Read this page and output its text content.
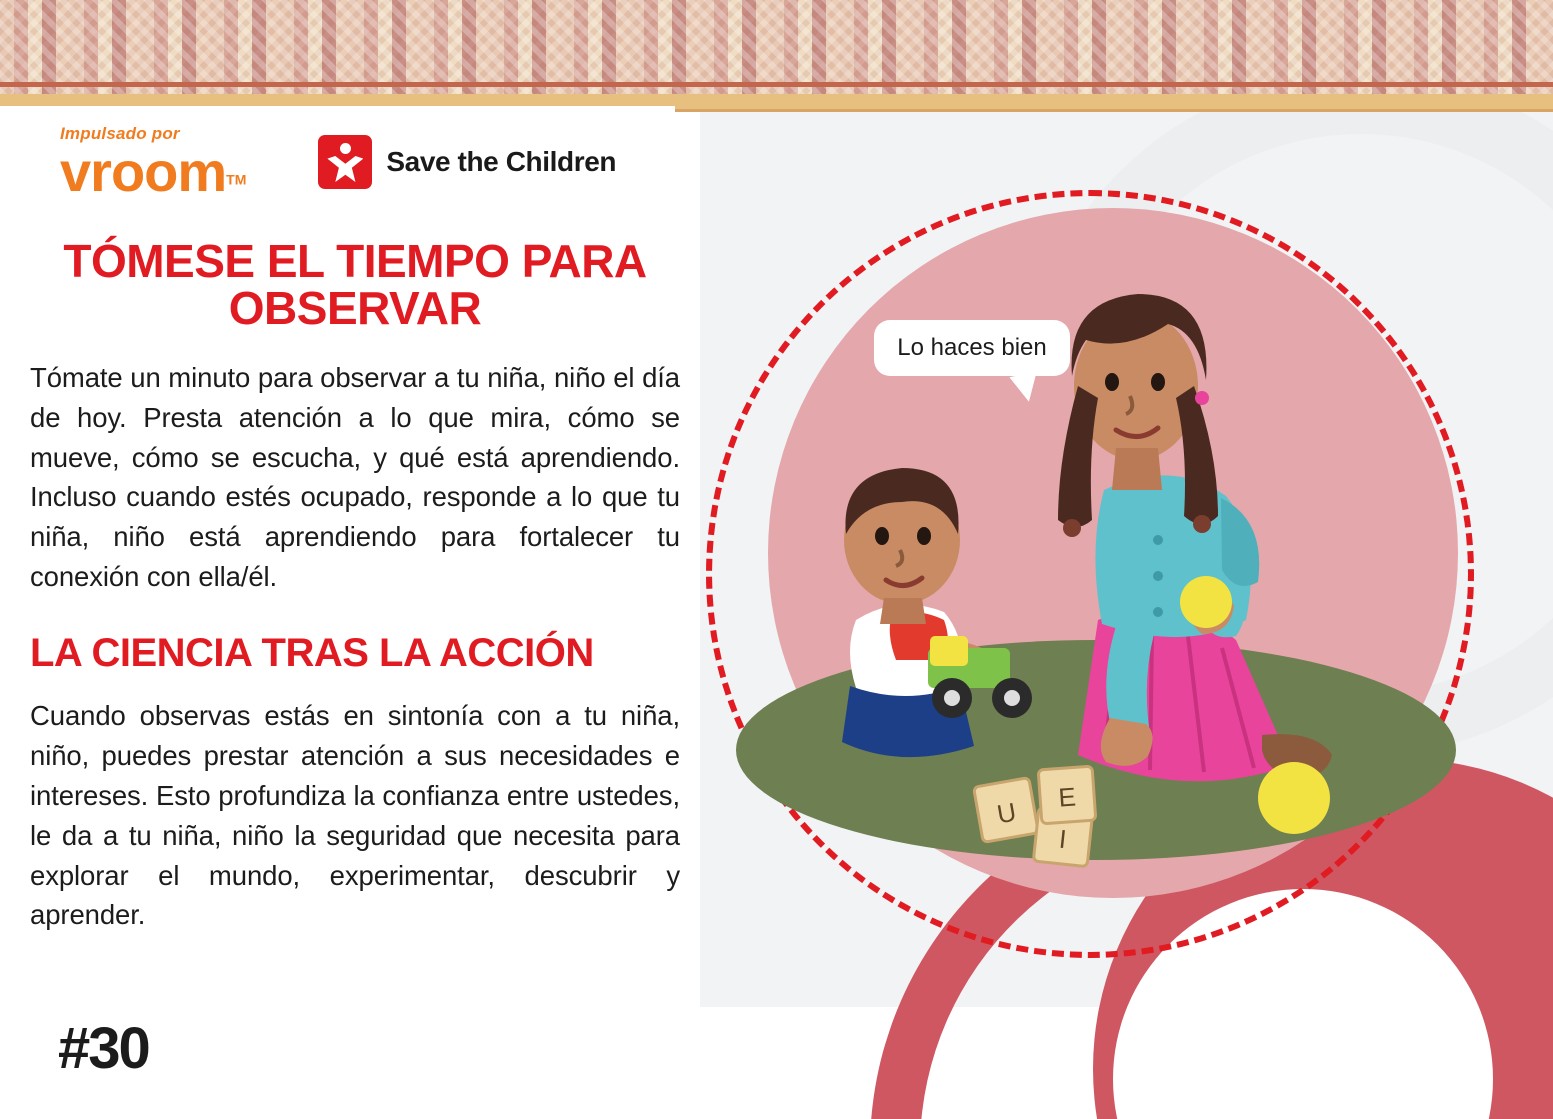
Impulsado por
vroomTM
Save the Children
TÓMESE EL TIEMPO PARA OBSERVAR

Tómate un minuto para observar a tu niña, niño el día de hoy. Presta atención a lo que mira, cómo se mueve, cómo se escucha, y qué está aprendiendo. Incluso cuando estés ocupado, responde a lo que tu niña, niño está aprendiendo para fortalecer tu conexión con ella/él.

LA CIENCIA TRAS LA ACCIÓN

Cuando observas estás en sintonía con a tu niña, niño, puedes prestar atención a sus necesidades e intereses. Esto profundiza la confianza entre ustedes, le da a tu niña, niño la seguridad que necesita para explorar el mundo, experimentar, descubrir y aprender.

#30	4-5 AÑOS
U
I
E
Lo haces bien
